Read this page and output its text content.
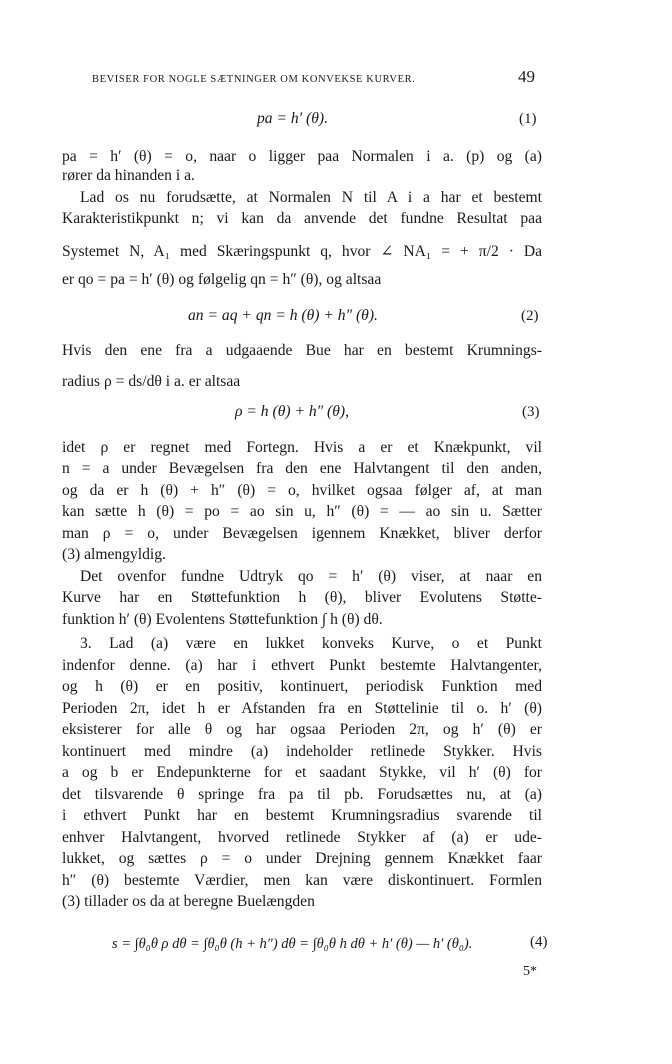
BEVISER FOR NOGLE SÆTNINGER OM KONVEKSE KURVER.	49
pa = h′ (θ).	(1)
pa = h′ (θ) = o, naar o ligger paa Normalen i a. (p) og (a)
rører da hinanden i a.
Lad os nu forudsætte, at Normalen N til A i a har et bestemt
Karakteristikpunkt n; vi kan da anvende det fundne Resultat paa
Systemet N, A₁ med Skæringspunkt q, hvor ∠ NA₁ = + π/2 · Da
er qo = pa = h′ (θ) og følgelig qn = h″ (θ), og altsaa
an = aq + qn = h (θ) + h″ (θ).	(2)
Hvis den ene fra a udgaaende Bue har en bestemt Krumnings-
radius ρ = ds/dθ i a. er altsaa
ρ = h (θ) + h″ (θ),	(3)
idet ρ er regnet med Fortegn. Hvis a er et Knækpunkt, vil
n = a under Bevægelsen fra den ene Halvtangent til den anden,
og da er h (θ) + h″ (θ) = o, hvilket ogsaa følger af, at man
kan sætte h (θ) = po = ao sin u, h″ (θ) = — ao sin u. Sætter
man ρ = o, under Bevægelsen igennem Knækket, bliver derfor
(3) almengyldig.
Det ovenfor fundne Udtryk qo = h′ (θ) viser, at naar en
Kurve har en Støttefunktion h (θ), bliver Evolutens Støtte-
funktion h′ (θ) Evolentens Støttefunktion ∫ h (θ) dθ.
3. Lad (a) være en lukket konveks Kurve, o et Punkt
indenfor denne. (a) har i ethvert Punkt bestemte Halvtangenter,
og h (θ) er en positiv, kontinuert, periodisk Funktion med
Perioden 2π, idet h er Afstanden fra en Støttelinie til o. h′ (θ)
eksisterer for alle θ og har ogsaa Perioden 2π, og h′ (θ) er
kontinuert med mindre (a) indeholder retlinede Stykker. Hvis
a og b er Endepunkterne for et saadant Stykke, vil h′ (θ) for
det tilsvarende θ springe fra pa til pb. Forudsættes nu, at (a)
i ethvert Punkt har en bestemt Krumningsradius svarende til
enhver Halvtangent, hvorved retlinede Stykker af (a) er ude-
lukket, og sættes ρ = o under Drejning gennem Knækket faar
h″ (θ) bestemte Værdier, men kan være diskontinuert. Formlen
(3) tillader os da at beregne Buelængden
s = ∫θ₀θ ρ dθ = ∫θ₀θ (h + h″) dθ = ∫θ₀θ h dθ + h′ (θ) — h′ (θ₀).	(4)
5*
